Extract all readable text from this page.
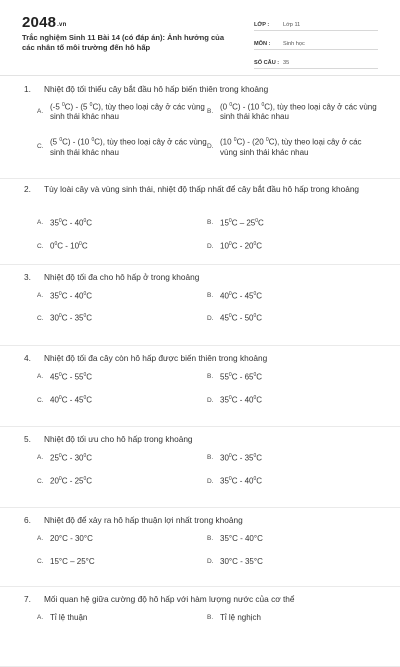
2048.vn
Trắc nghiệm Sinh 11 Bài 14 (có đáp án): Ảnh hưởng của các nhân tố môi trường đến hô hấp
LỚP :	Lớp 11
MÔN :	Sinh học
SỐ CÂU : 35
1.	Nhiệt độ tối thiểu cây bắt đầu hô hấp biến thiên trong khoảng
A. (-5 $^0$C) - (5 $^0$C), tùy theo loại cây ở các vùng sinh thái khác nhau
B. (0 $^0$C) - (10 $^0$C), tùy theo loại cây ở các vùng sinh thái khác nhau
C. (5 $^0$C) - (10 $^0$C), tùy theo loại cây ở các vùng sinh thái khác nhau
D. (10 $^0$C) - (20 $^0$C), tùy theo loại cây ở các vùng sinh thái khác nhau
2.	Tùy loài cây và vùng sinh thái, nhiệt độ thấp nhất để cây bắt đầu hô hấp trong khoảng
A. $35^0C - 40^0C$	B. $15^0C - 25^0C$
C. $0^0C - 10^0C$	D. $10^0C - 20^0C$
3.	Nhiệt độ tối đa cho hô hấp ở trong khoảng
A. $35^0C - 40^0C$	B. $40^0C - 45^0C$
C. $30^0C - 35^0C$	D. $45^0C - 50^0C$
4.	Nhiệt độ tối đa cây còn hô hấp được biến thiên trong khoảng
A. $45^0C - 55^0C$	B. $55^0C - 65^0C$
C. $40^0C - 45^0C$	D. $35^0C - 40^0C$
5.	Nhiệt độ tối ưu cho hô hấp trong khoảng
A. $25^0C - 30^0C$	B. $30^0C - 35^0C$
C. $20^0C - 25^0C$	D. $35^0C - 40^0C$
6.	Nhiệt độ để xảy ra hô hấp thuận lợi nhất trong khoảng
A. 20°C - 30°C	B. 35°C - 40°C
C. 15°C – 25°C	D. 30°C - 35°C
7.	Mối quan hệ giữa cường độ hô hấp với hàm lượng nước của cơ thể
A. Tỉ lệ thuận	B. Tỉ lệ nghịch
